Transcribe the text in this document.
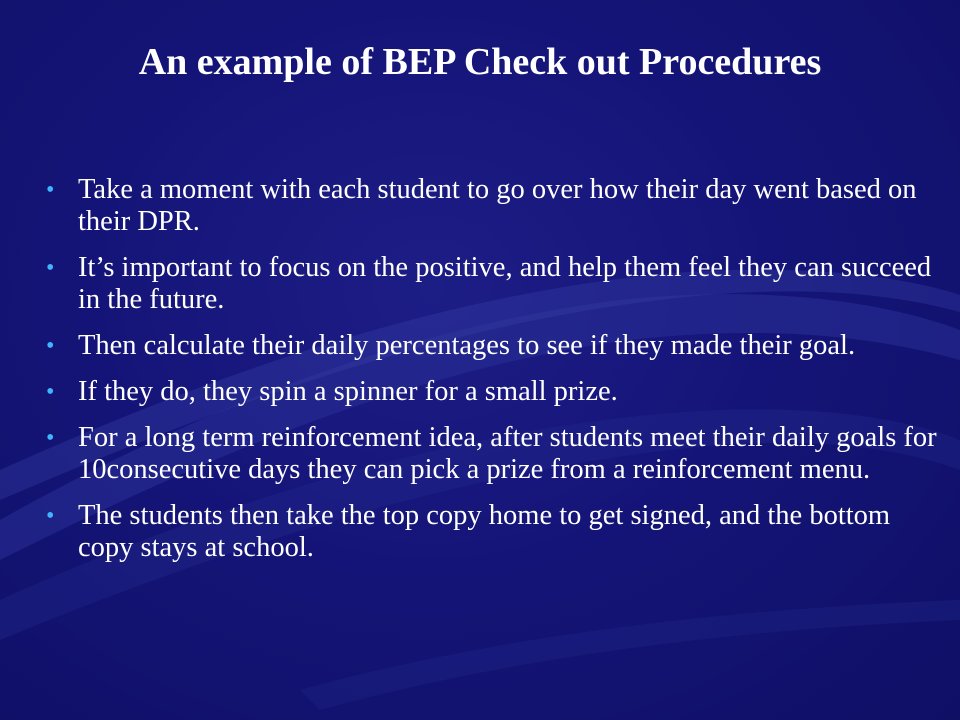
An example of BEP Check out Procedures
• Take a moment with each student to go over how their day went based on their DPR.
• It’s important to focus on the positive, and help them feel they can succeed in the future.
• Then calculate their daily percentages to see if they made their goal.
• If they do, they spin a spinner for a small prize.
• For a long term reinforcement idea, after students meet their daily goals for 10consecutive days they can pick a prize from a reinforcement menu.
• The students then take the top copy home to get signed, and the bottom copy stays at school.
